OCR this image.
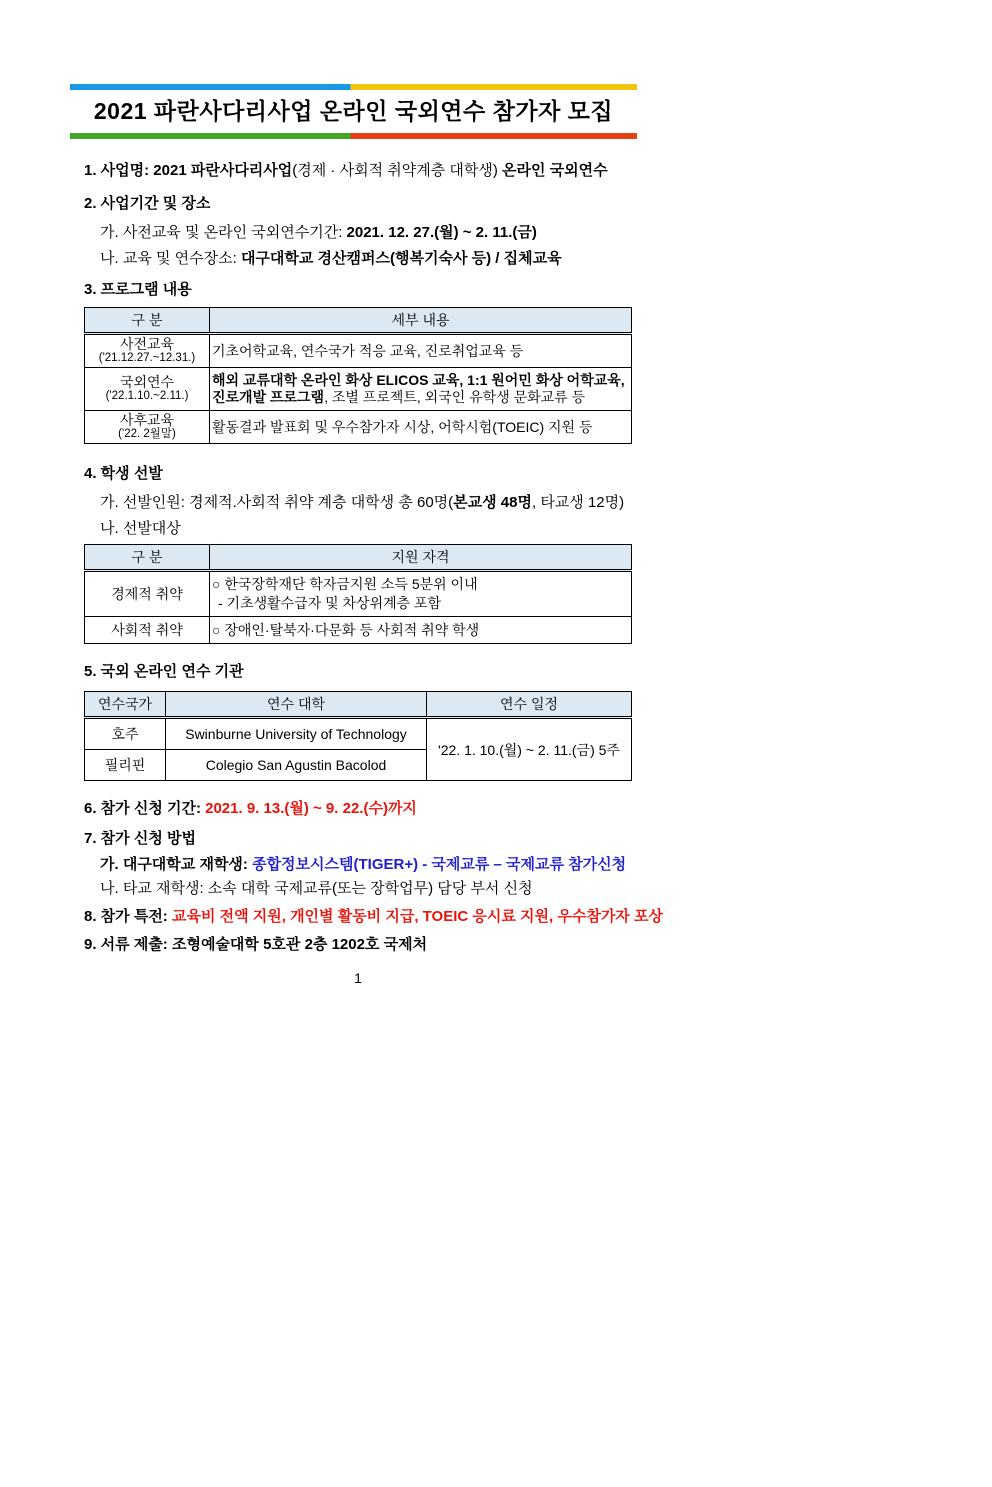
2021 파란사다리사업 온라인 국외연수 참가자 모집

1. 사업명: 2021 파란사다리사업(경제 · 사회적 취약계층 대학생) 온라인 국외연수

2. 사업기간 및 장소

가. 사전교육 및 온라인 국외연수기간: 2021. 12. 27.(월) ~ 2. 11.(금)

나. 교육 및 연수장소: 대구대학교 경산캠퍼스(행복기숙사 등) / 집체교육

3. 프로그램 내용

구 분	세부 내용

사전교육
('21.12.27.~12.31.)	기초어학교육, 연수국가 적응 교육, 진로취업교육 등

국외연수
('22.1.10.~2.11.)	해외 교류대학 온라인 화상 ELICOS 교육, 1:1 원어민 화상 어학교육, 진로개발 프로그램, 조별 프로젝트, 외국인 유학생 문화교류 등

사후교육
('22. 2월말)	활동결과 발표회 및 우수참가자 시상, 어학시험(TOEIC) 지원 등

4. 학생 선발

가. 선발인원: 경제적.사회적 취약 계층 대학생 총 60명(본교생 48명, 타교생 12명)

나. 선발대상

구 분	지원 자격
경제적 취약	○ 한국장학재단 학자금지원 소득 5분위 이내
- 기초생활수급자 및 차상위계층 포함

사회적 취약	○ 장애인·탈북자·다문화 등 사회적 취약 학생

5. 국외 온라인 연수 기관

연수국가	연수 대학	연수 일정
호주	Swinburne University of Technology	'22. 1. 10.(월) ~ 2. 11.(금) 5주
필리핀	Colegio San Agustin Bacolod	

6. 참가 신청 기간: 2021. 9. 13.(월) ~ 9. 22.(수)까지

7. 참가 신청 방법

가. 대구대학교 재학생: 종합정보시스템(TIGER+) - 국제교류 – 국제교류 참가신청

나. 타교 재학생: 소속 대학 국제교류(또는 장학업무) 담당 부서 신청

8. 참가 특전: 교육비 전액 지원, 개인별 활동비 지급, TOEIC 응시료 지원, 우수참가자 포상

9. 서류 제출: 조형예술대학 5호관 2층 1202호 국제처

1
